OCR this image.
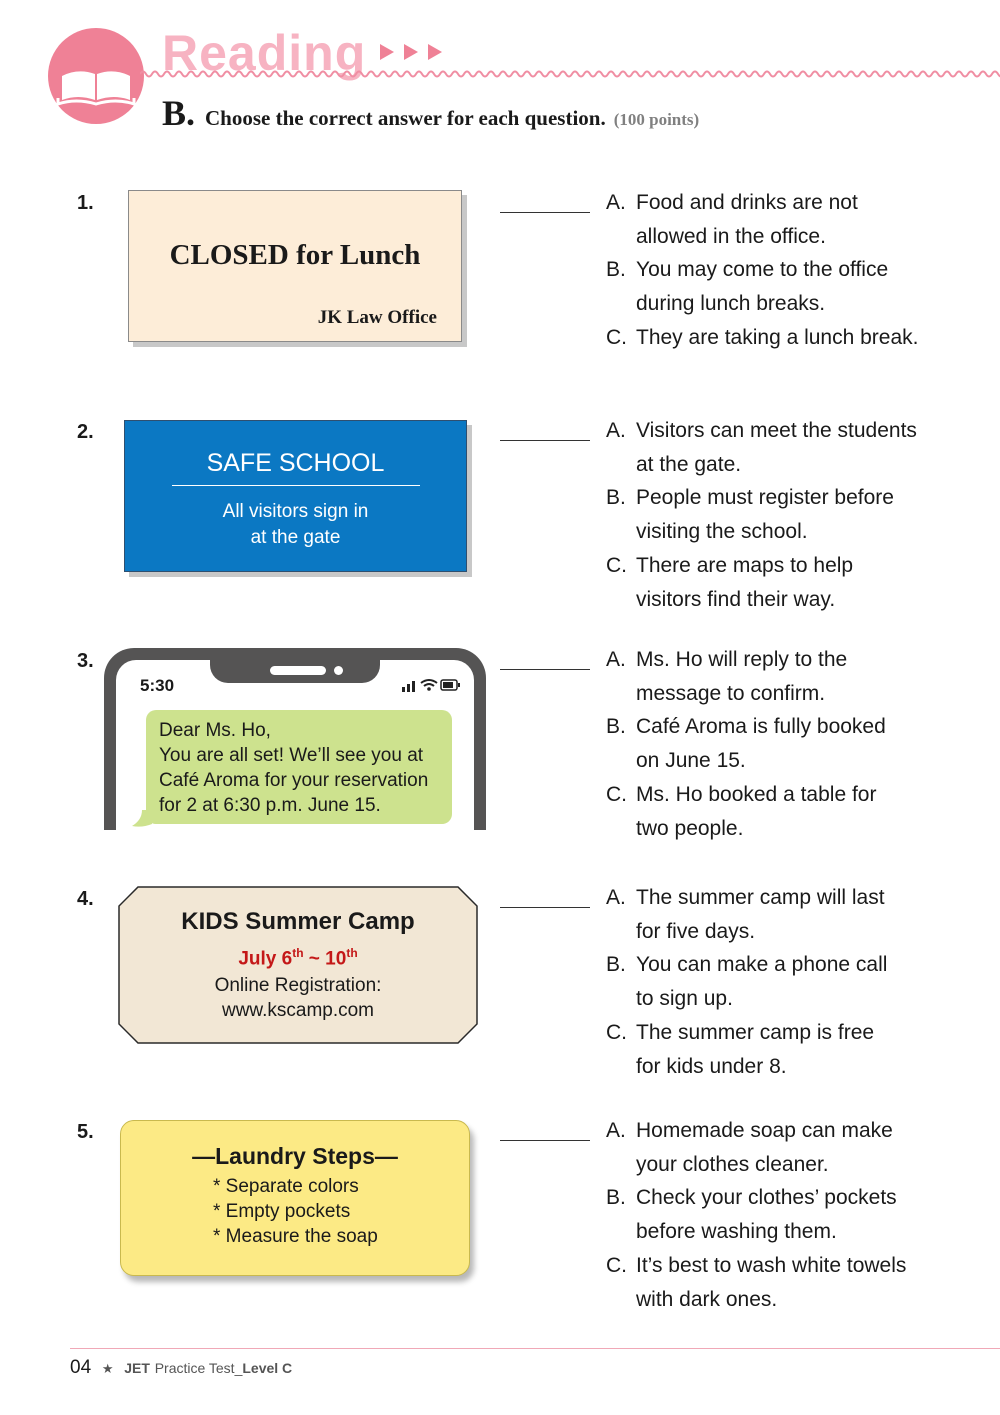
Reading
B. Choose the correct answer for each question. (100 points)
1.
CLOSED for Lunch
JK Law Office
A. Food and drinks are not
allowed in the office.
B. You may come to the office
during lunch breaks.
C. They are taking a lunch break.
2.
SAFE SCHOOL
All visitors sign in
at the gate
A. Visitors can meet the students
at the gate.
B. People must register before
visiting the school.
C. There are maps to help
visitors find their way.
3.
5:30
Dear Ms. Ho,
You are all set! We’ll see you at
Café Aroma for your reservation
for 2 at 6:30 p.m. June 15.
A. Ms. Ho will reply to the
message to confirm.
B. Café Aroma is fully booked
on June 15.
C. Ms. Ho booked a table for
two people.
4.
KIDS Summer Camp
July 6th ~ 10th
Online Registration:
www.kscamp.com
A. The summer camp will last
for five days.
B. You can make a phone call
to sign up.
C. The summer camp is free
for kids under 8.
5.
—Laundry Steps—
* Separate colors
* Empty pockets
* Measure the soap
A. Homemade soap can make
your clothes cleaner.
B. Check your clothes’ pockets
before washing them.
C. It’s best to wash white towels
with dark ones.
04 ★ JET Practice Test_Level C
